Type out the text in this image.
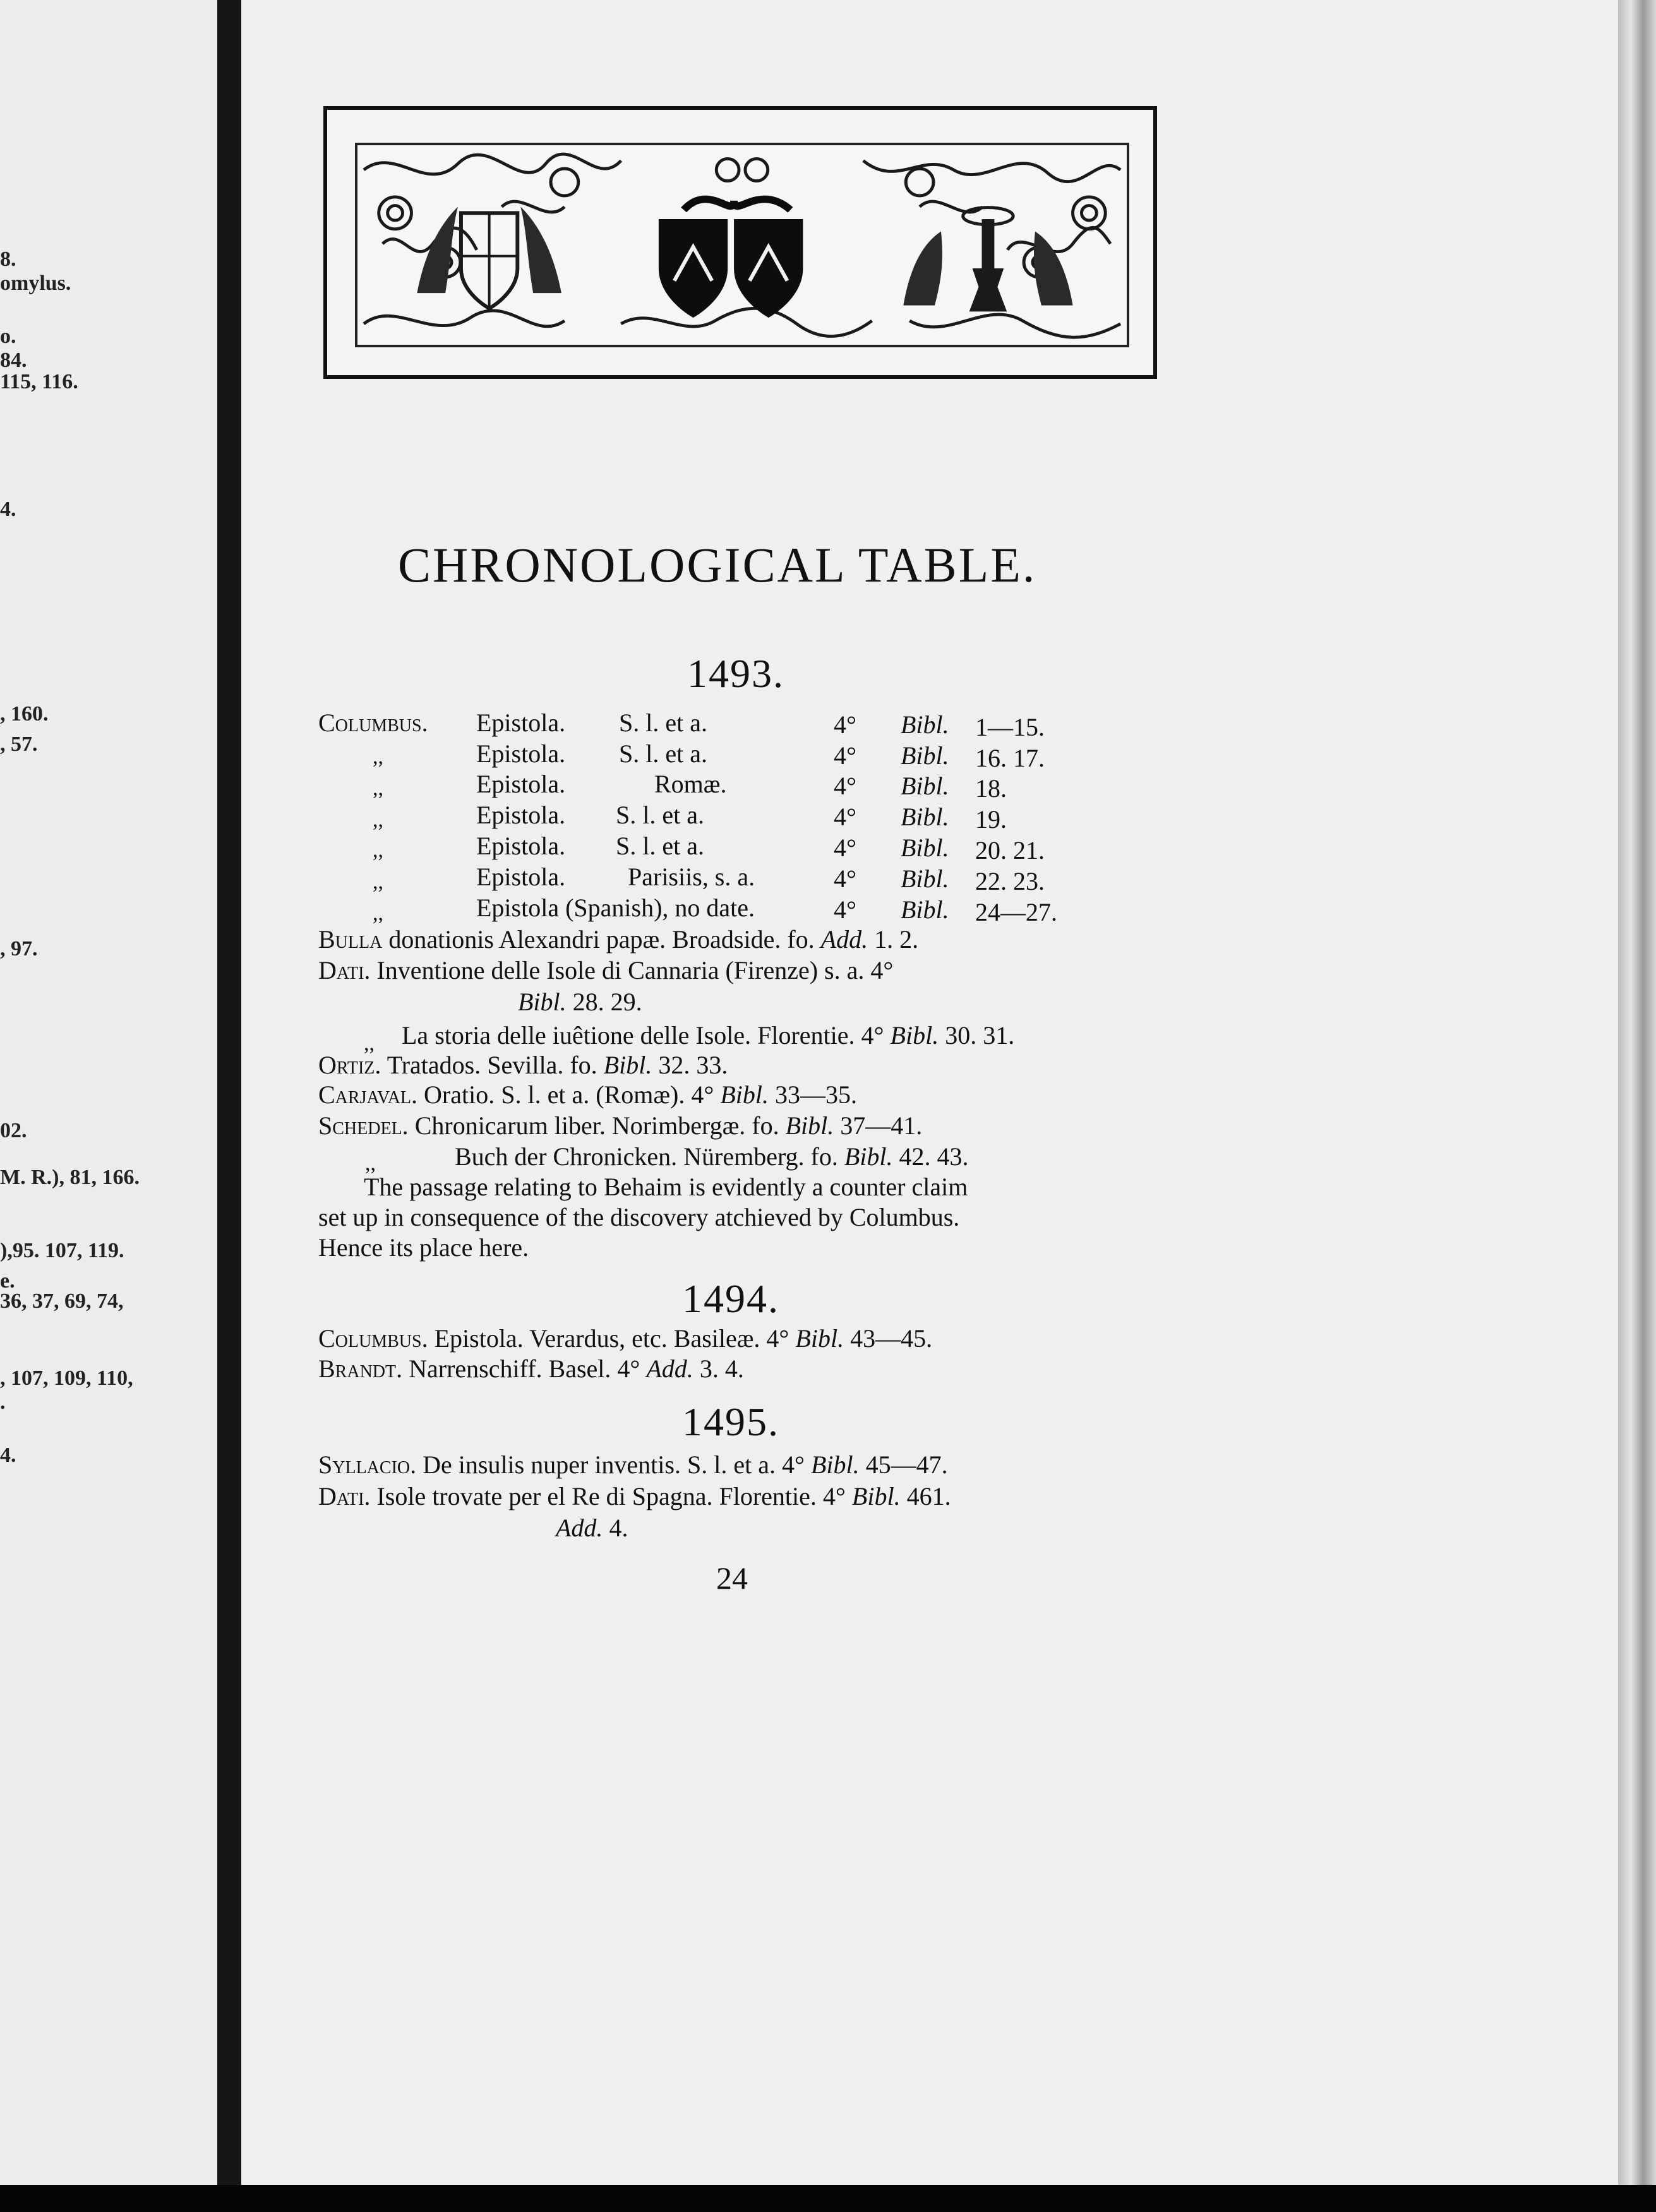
8.
omylus.
o.
84.
115, 116.
4.
, 160.
, 57.
, 97.
02.
M. R.), 81, 166.
),95. 107, 119.
e.
36, 37, 69, 74,
, 107, 109, 110,
.
4.
CHRONOLOGICAL TABLE.
1493.
Columbus.
,,
,,
,,
,,
,,
,,
Epistola.
Epistola.
Epistola.
Epistola.
Epistola.
Epistola.
Epistola (Spanish), no date.
S. l. et a.
S. l. et a.
Romæ.
S. l. et a.
S. l. et a.
Parisiis, s. a.
4°
4°
4°
4°
4°
4°
4°
Bibl.
Bibl.
Bibl.
Bibl.
Bibl.
Bibl.
Bibl.
1—15.
16. 17.
18.
19.
20. 21.
22. 23.
24—27.
Bulla donationis Alexandri papæ. Broadside. fo. Add. 1. 2.
Dati. Inventione delle Isole di Cannaria (Firenze) s. a. 4°
Bibl. 28. 29.
,, La storia delle iuêtione delle Isole. Florentie. 4° Bibl. 30. 31.
Ortiz. Tratados. Sevilla. fo. Bibl. 32. 33.
Carjaval. Oratio. S. l. et a. (Romæ). 4° Bibl. 33—35.
Schedel. Chronicarum liber. Norimbergæ. fo. Bibl. 37—41.
,,	Buch der Chronicken. Nüremberg. fo. Bibl. 42. 43.
The passage relating to Behaim is evidently a counter claim
set up in consequence of the discovery atchieved by Columbus.
Hence its place here.
1494.
Columbus. Epistola. Verardus, etc. Basileæ. 4° Bibl. 43—45.
Brandt. Narrenschiff. Basel. 4° Add. 3. 4.
1495.
Syllacio. De insulis nuper inventis. S. l. et a. 4° Bibl. 45—47.
Dati. Isole trovate per el Re di Spagna. Florentie. 4° Bibl. 461.
Add. 4.
24
